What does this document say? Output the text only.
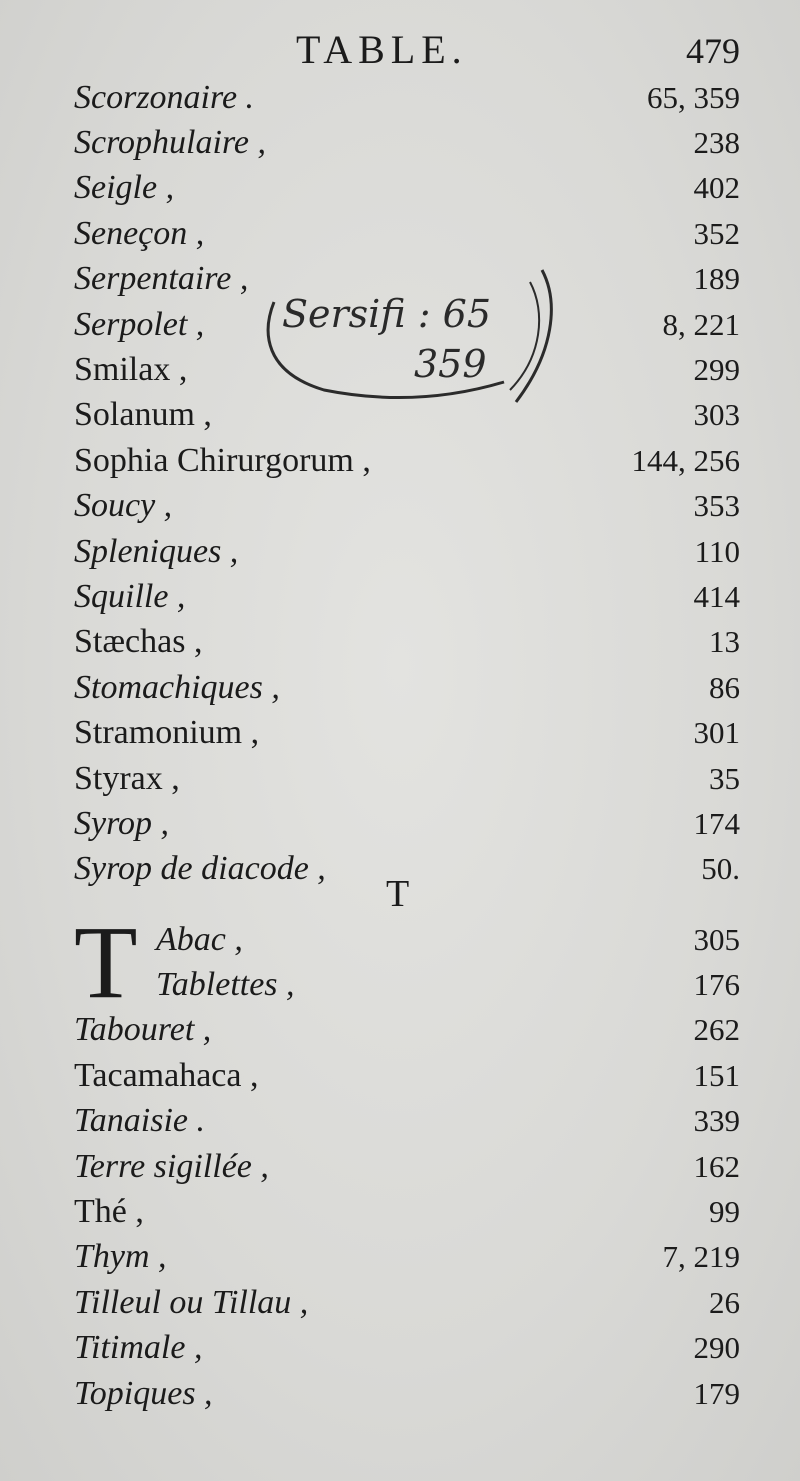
TABLE.	479
Scorzonaire .	65, 359
Scrophulaire ,	238
Seigle ,	402
Seneçon ,	352
Serpentaire ,	189
Serpolet ,	8, 221
Smilax ,	299
Solanum ,	303
Sophia Chirurgorum ,	144, 256
Soucy ,	353
Spleniques ,	110
Squille ,	414
Stæchas ,	13
Stomachiques ,	86
Stramonium ,	301
Styrax ,	35
Syrop ,	174
Syrop de diacode ,	50.
T
T Abac ,	305
Tablettes ,	176
Tabouret ,	262
Tacamahaca ,	151
Tanaisie .	339
Terre sigillée ,	162
Thé ,	99
Thym ,	7, 219
Tilleul ou Tillau ,	26
Titimale ,	290
Topiques ,	179
Sersifi : 65
359
